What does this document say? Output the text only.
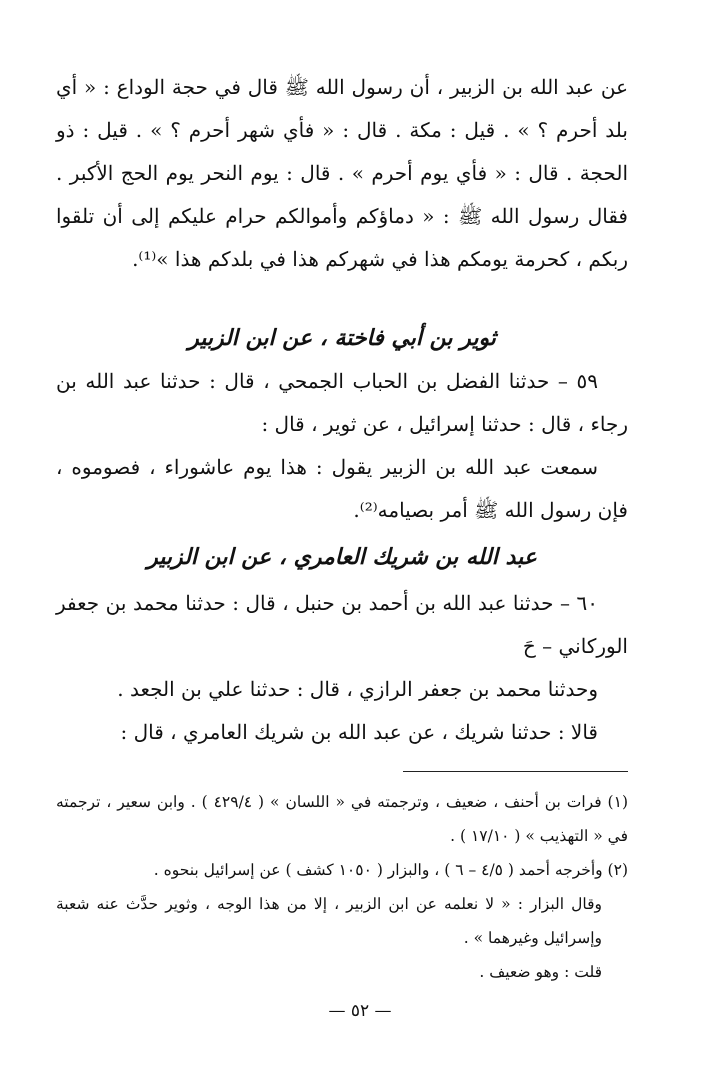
عن عبد الله بن الزبير ، أن رسول الله ﷺ قال في حجة الوداع : « أي بلد أحرم ؟ » . قيل : مكة . قال : « فأي شهر أحرم ؟ » . قيل : ذو الحجة . قال : « فأي يوم أحرم » . قال : يوم النحر يوم الحج الأكبر . فقال رسول الله ﷺ : « دماؤكم وأموالكم حرام عليكم إلى أن تلقوا ربكم ، كحرمة يومكم هذا في شهركم هذا في بلدكم هذا »⁽¹⁾.

ثوير بن أبي فاختة ، عن ابن الزبير

٥٩ – حدثنا الفضل بن الحباب الجمحي ، قال : حدثنا عبد الله بن رجاء ، قال : حدثنا إسرائيل ، عن ثوير ، قال :

سمعت عبد الله بن الزبير يقول : هذا يوم عاشوراء ، فصوموه ، فإن رسول الله ﷺ أمر بصيامه⁽²⁾.

عبد الله بن شريك العامري ، عن ابن الزبير

٦٠ – حدثنا عبد الله بن أحمد بن حنبل ، قال : حدثنا محمد بن جعفر الوركاني – حَ

وحدثنا محمد بن جعفر الرازي ، قال : حدثنا علي بن الجعد .

قالا : حدثنا شريك ، عن عبد الله بن شريك العامري ، قال :

(١) فرات بن أحنف ، ضعيف ، وترجمته في « اللسان » ( ٤٢٩/٤ ) . وابن سعير ، ترجمته في « التهذيب » ( ١٧/١٠ ) .

(٢) وأخرجه أحمد ( ٤/٥ – ٦ ) ، والبزار ( ١٠٥٠ كشف ) عن إسرائيل بنحوه .

وقال البزار : « لا نعلمه عن ابن الزبير ، إلا من هذا الوجه ، وثوير حدَّث عنه شعبة وإسرائيل وغيرهما » .

قلت : وهو ضعيف .

— ٥٢ —
